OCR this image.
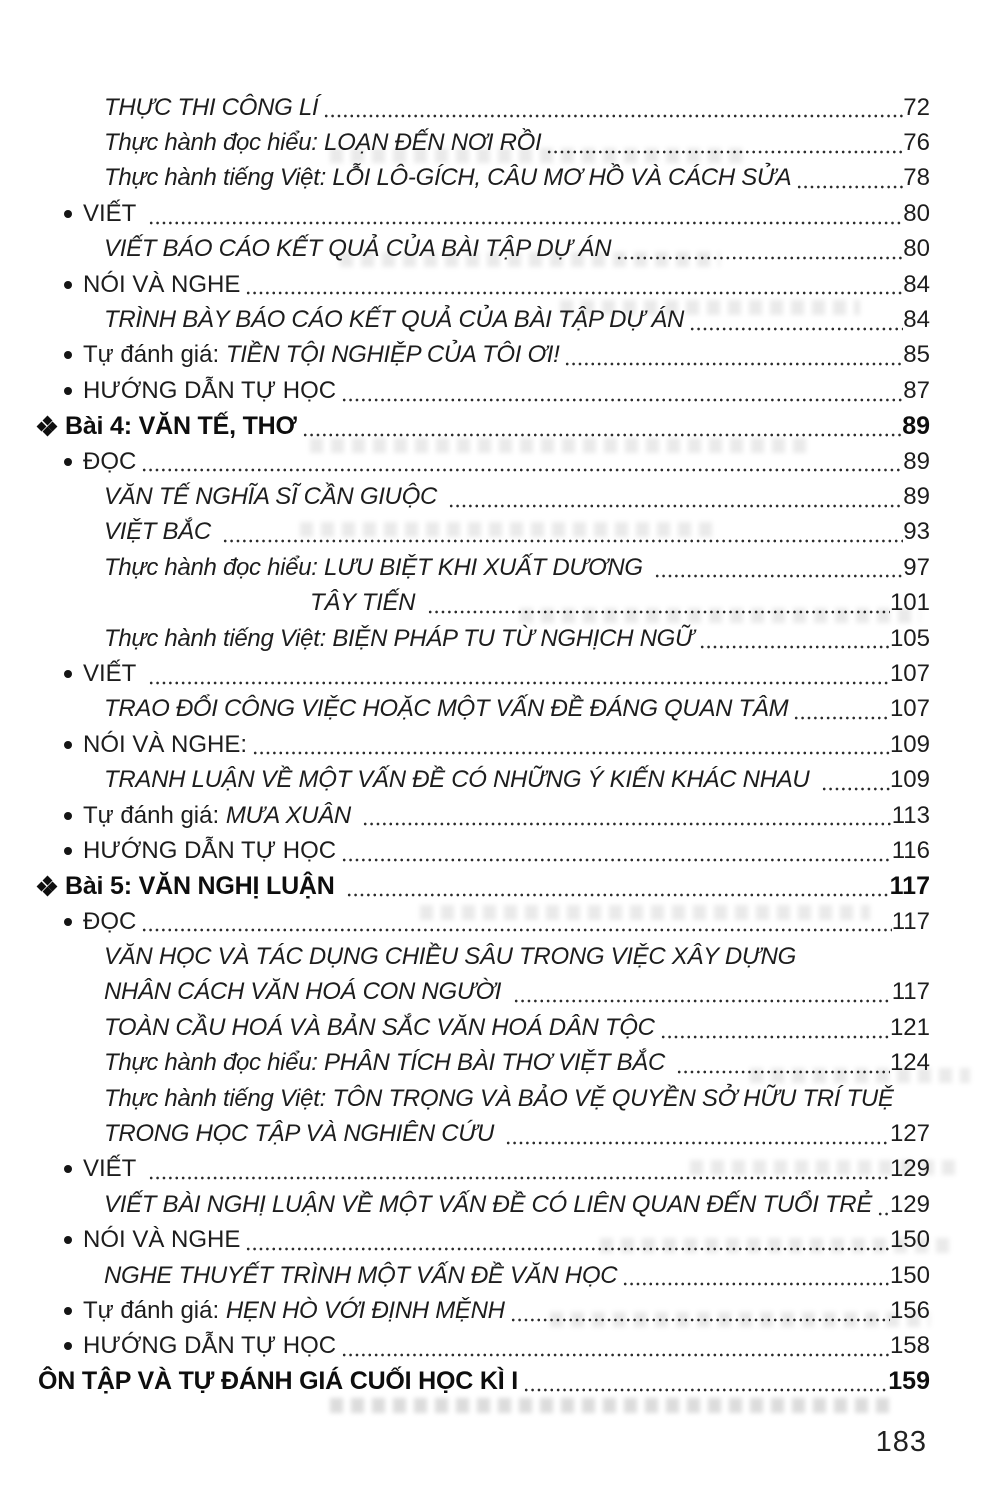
THỰC THI CÔNG LÍ	72
Thực hành đọc hiểu: LOẠN ĐẾN NƠI RỒI	76
Thực hành tiếng Việt: LỖI LÔ-GÍCH, CÂU MƠ HỒ VÀ CÁCH SỬA	78
VIẾT	80
VIẾT BÁO CÁO KẾT QUẢ CỦA BÀI TẬP DỰ ÁN	80
NÓI VÀ NGHE	84
TRÌNH BÀY BÁO CÁO KẾT QUẢ CỦA BÀI TẬP DỰ ÁN	84
Tự đánh giá: TIỀN TỘI NGHIỆP CỦA TÔI ƠI!	85
HƯỚNG DẪN TỰ HỌC	87
Bài 4: VĂN TẾ, THƠ	89
ĐỌC	89
VĂN TẾ NGHĨA SĨ CẦN GIUỘC	89
VIỆT BẮC	93
Thực hành đọc hiểu: LƯU BIỆT KHI XUẤT DƯƠNG	97
TÂY TIẾN	101
Thực hành tiếng Việt: BIỆN PHÁP TU TỪ NGHỊCH NGỮ	105
VIẾT	107
TRAO ĐỔI CÔNG VIỆC HOẶC MỘT VẤN ĐỀ ĐÁNG QUAN TÂM	107
NÓI VÀ NGHE:	109
TRANH LUẬN VỀ MỘT VẤN ĐỀ CÓ NHỮNG Ý KIẾN KHÁC NHAU	109
Tự đánh giá: MƯA XUÂN	113
HƯỚNG DẪN TỰ HỌC	116
Bài 5: VĂN NGHỊ LUẬN	117
ĐỌC	117
VĂN HỌC VÀ TÁC DỤNG CHIỀU SÂU TRONG VIỆC XÂY DỰNG
NHÂN CÁCH VĂN HOÁ CON NGƯỜI	117
TOÀN CẦU HOÁ VÀ BẢN SẮC VĂN HOÁ DÂN TỘC	121
Thực hành đọc hiểu: PHÂN TÍCH BÀI THƠ VIỆT BẮC	124
Thực hành tiếng Việt: TÔN TRỌNG VÀ BẢO VỆ QUYỀN SỞ HỮU TRÍ TUỆ
TRONG HỌC TẬP VÀ NGHIÊN CỨU	127
VIẾT	129
VIẾT BÀI NGHỊ LUẬN VỀ MỘT VẤN ĐỀ CÓ LIÊN QUAN ĐẾN TUỔI TRẺ 129
NÓI VÀ NGHE	150
NGHE THUYẾT TRÌNH MỘT VẤN ĐỀ VĂN HỌC	150
Tự đánh giá: HẸN HÒ VỚI ĐỊNH MỆNH	156
HƯỚNG DẪN TỰ HỌC	158
ÔN TẬP VÀ TỰ ĐÁNH GIÁ CUỐI HỌC KÌ I	159
183
